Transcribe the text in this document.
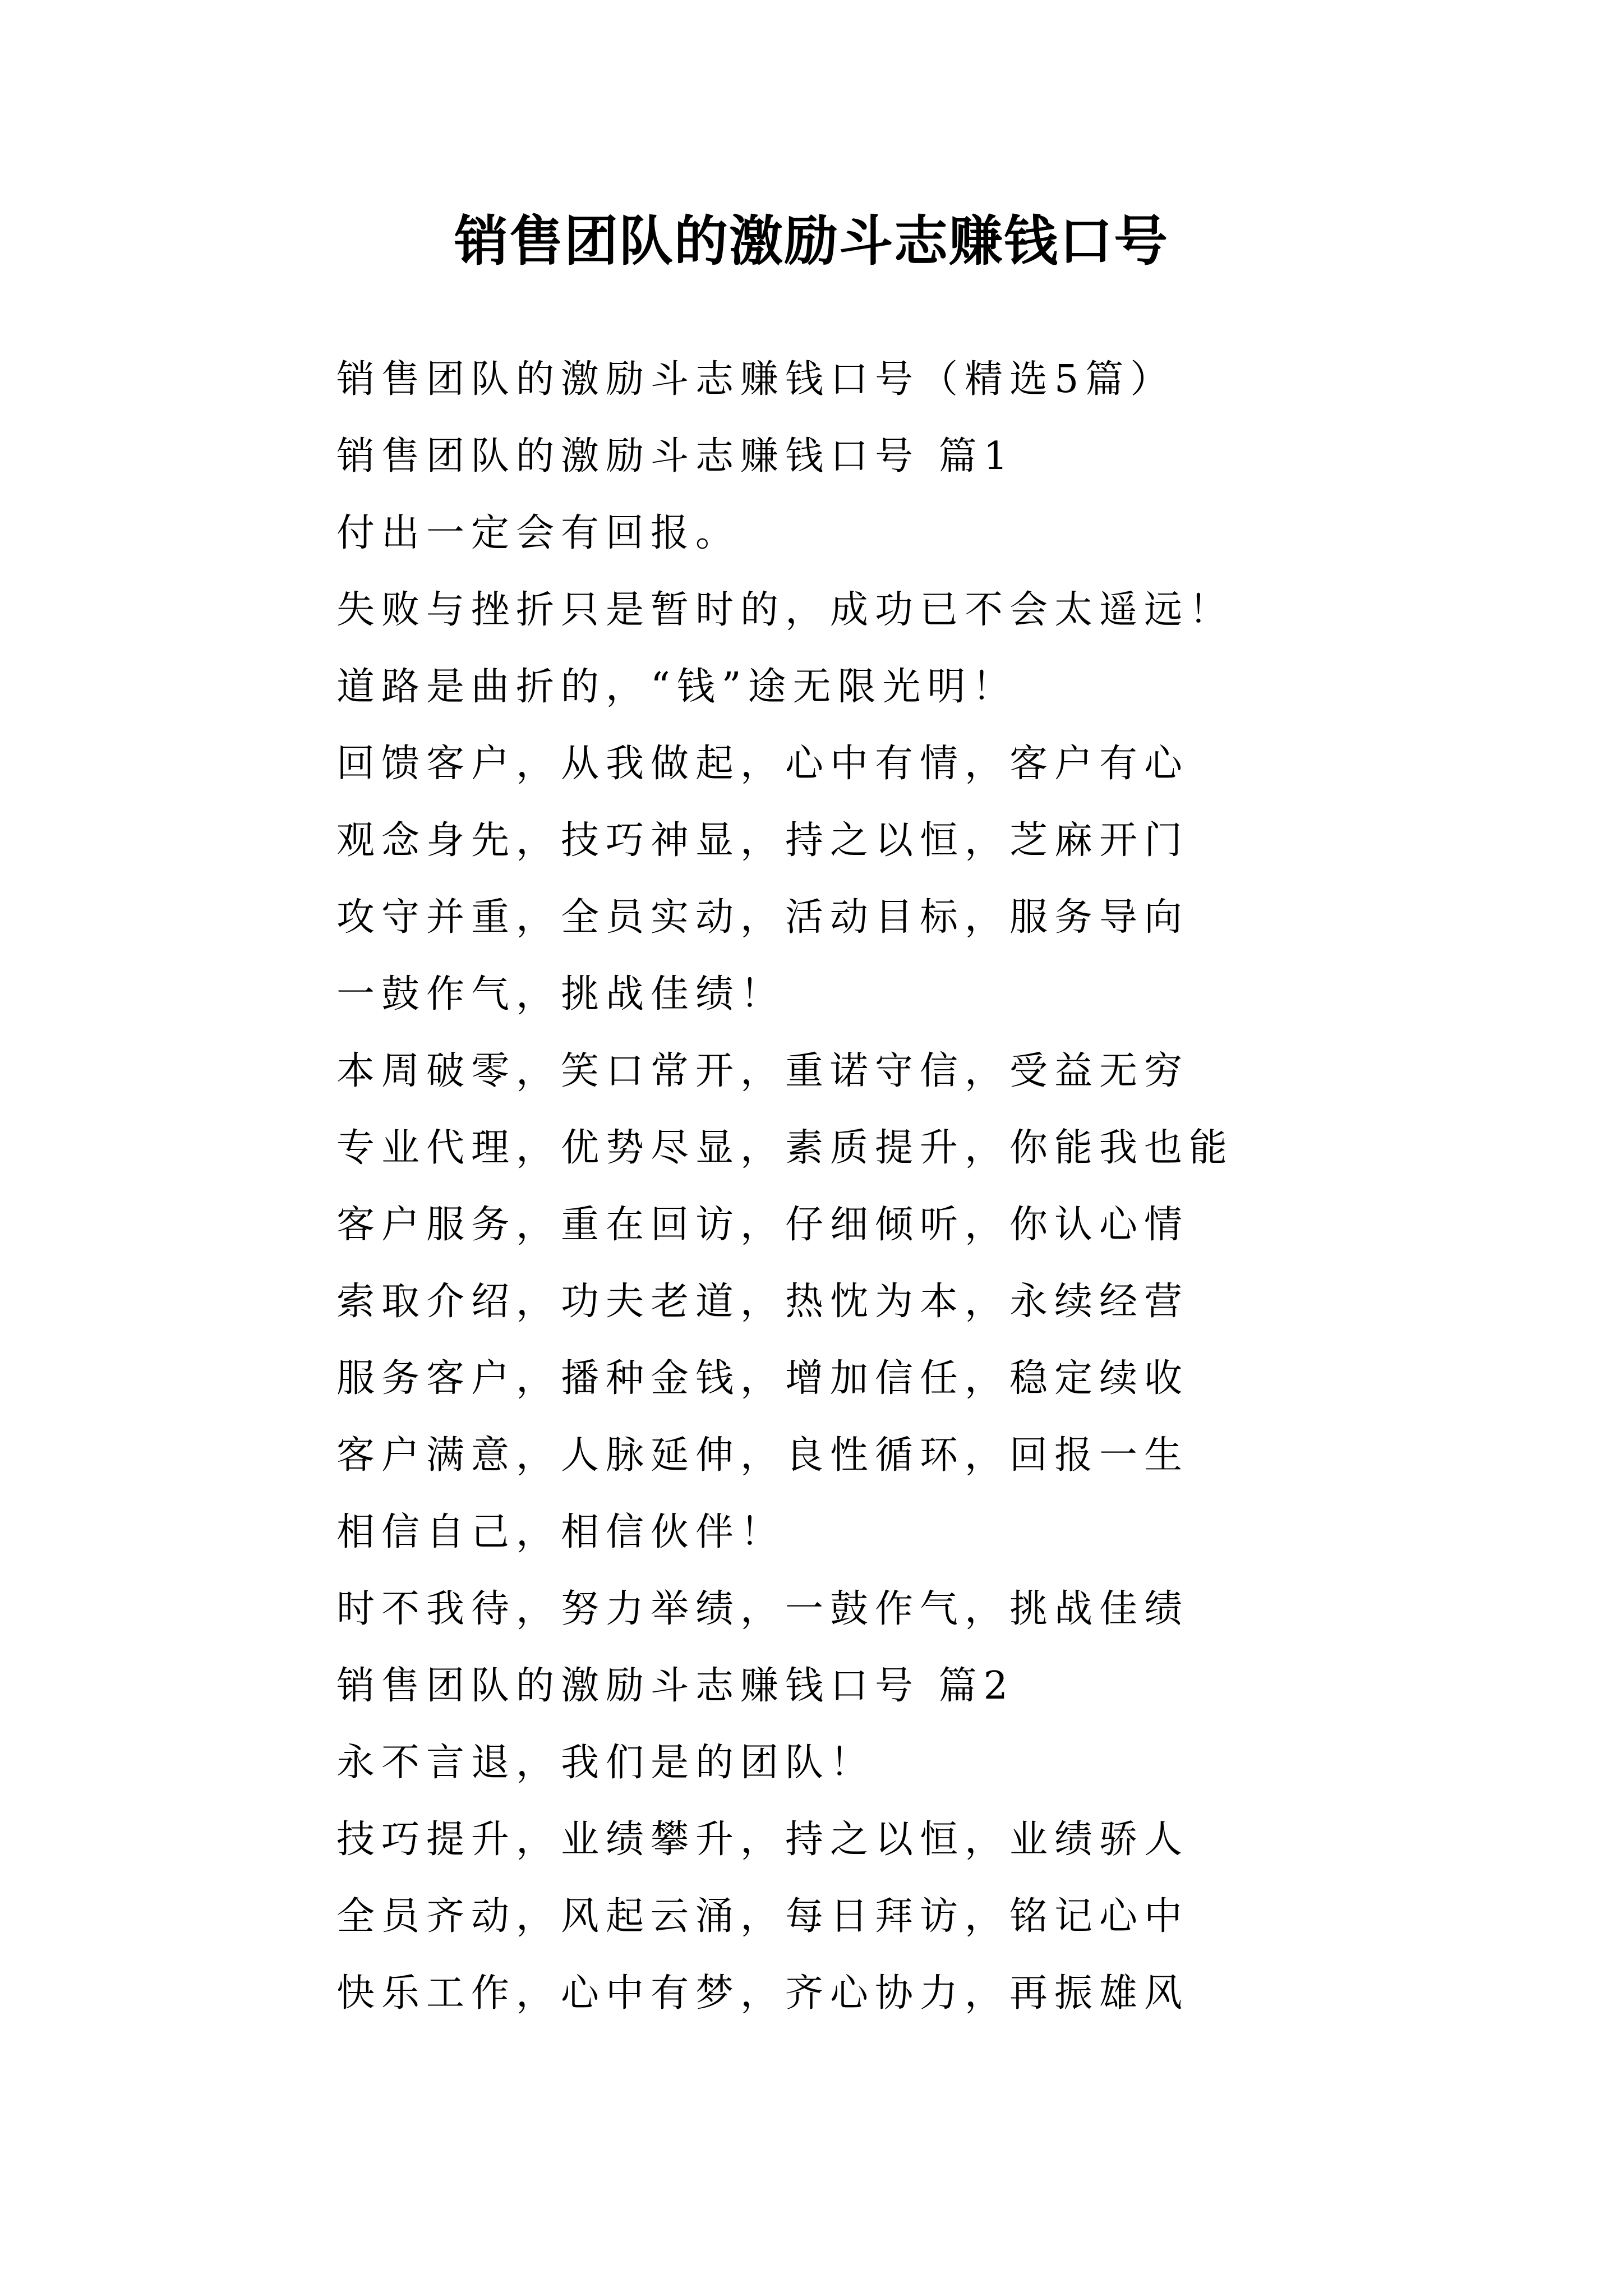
销售团队的激励斗志赚钱口号
销售团队的激励斗志赚钱口号（精选5篇）
销售团队的激励斗志赚钱口号 篇1
付出一定会有回报。
失败与挫折只是暂时的，成功已不会太遥远！
道路是曲折的，“钱”途无限光明！
回馈客户，从我做起，心中有情，客户有心
观念身先，技巧神显，持之以恒，芝麻开门
攻守并重，全员实动，活动目标，服务导向
一鼓作气，挑战佳绩！
本周破零，笑口常开，重诺守信，受益无穷
专业代理，优势尽显，素质提升，你能我也能
客户服务，重在回访，仔细倾听，你认心情
索取介绍，功夫老道，热忱为本，永续经营
服务客户，播种金钱，增加信任，稳定续收
客户满意，人脉延伸，良性循环，回报一生
相信自己，相信伙伴！
时不我待，努力举绩，一鼓作气，挑战佳绩
销售团队的激励斗志赚钱口号 篇2
永不言退，我们是的团队！
技巧提升，业绩攀升，持之以恒，业绩骄人
全员齐动，风起云涌，每日拜访，铭记心中
快乐工作，心中有梦，齐心协力，再振雄风
